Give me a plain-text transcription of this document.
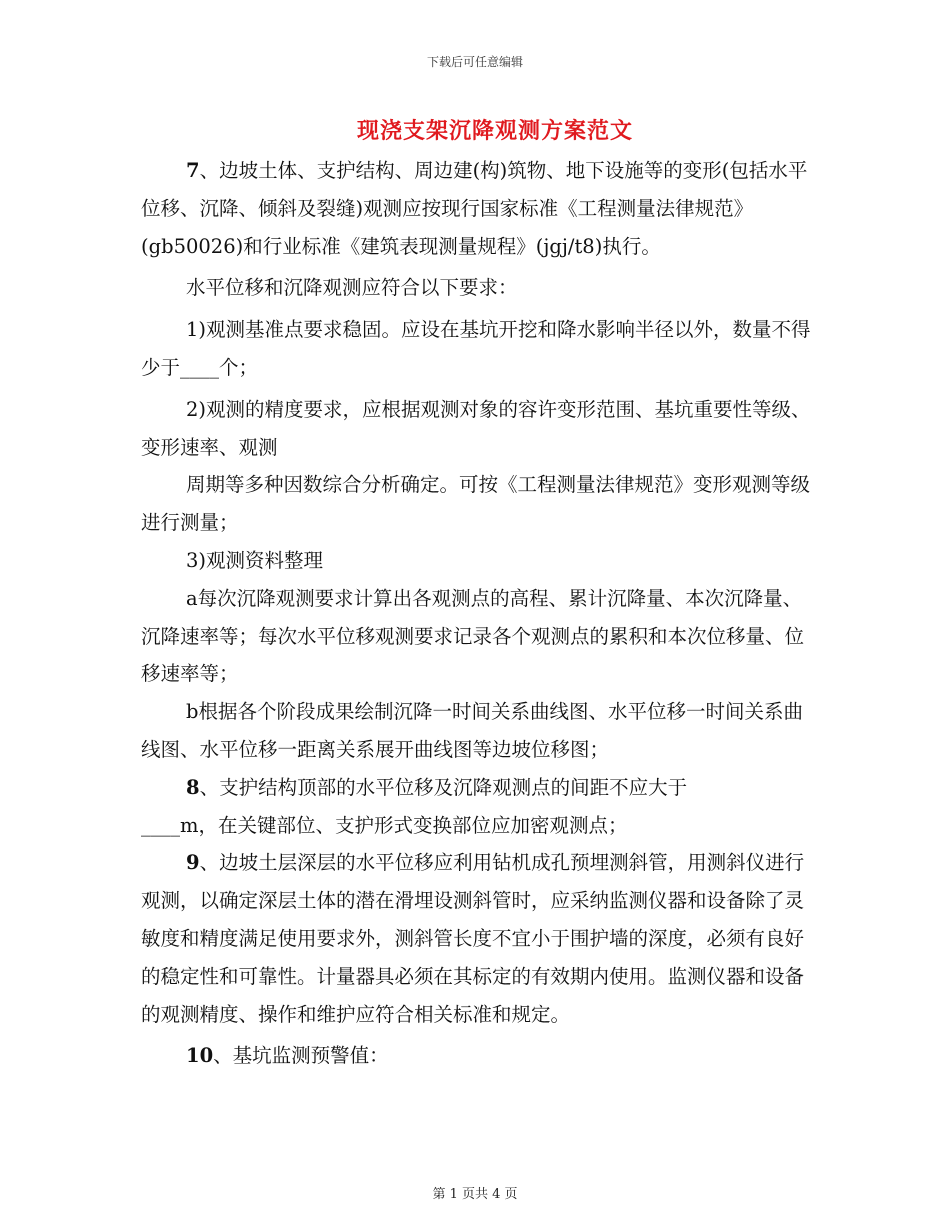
下载后可任意编辑
现浇支架沉降观测方案范文

7、边坡土体、支护结构、周边建(构)筑物、地下设施等的变形(包括水平位移、沉降、倾斜及裂缝)观测应按现行国家标准《工程测量法律规范》(gb50026)和行业标准《建筑表现测量规程》(jgj/t8)执行。

水平位移和沉降观测应符合以下要求：

1)观测基准点要求稳固。应设在基坑开挖和降水影响半径以外，数量不得少于____个；

2)观测的精度要求，应根据观测对象的容许变形范围、基坑重要性等级、变形速率、观测

周期等多种因数综合分析确定。可按《工程测量法律规范》变形观测等级进行测量；

3)观测资料整理

a每次沉降观测要求计算出各观测点的高程、累计沉降量、本次沉降量、沉降速率等；每次水平位移观测要求记录各个观测点的累积和本次位移量、位移速率等；

b根据各个阶段成果绘制沉降一时间关系曲线图、水平位移一时间关系曲线图、水平位移一距离关系展开曲线图等边坡位移图；

8、支护结构顶部的水平位移及沉降观测点的间距不应大于

____m，在关键部位、支护形式变换部位应加密观测点；

9、边坡土层深层的水平位移应利用钻机成孔预埋测斜管，用测斜仪进行观测，以确定深层土体的潜在滑埋设测斜管时，应采纳监测仪器和设备除了灵敏度和精度满足使用要求外，测斜管长度不宜小于围护墙的深度，必须有良好的稳定性和可靠性。计量器具必须在其标定的有效期内使用。监测仪器和设备的观测精度、操作和维护应符合相关标准和规定。

10、基坑监测预警值：

第 1 页共 4 页
